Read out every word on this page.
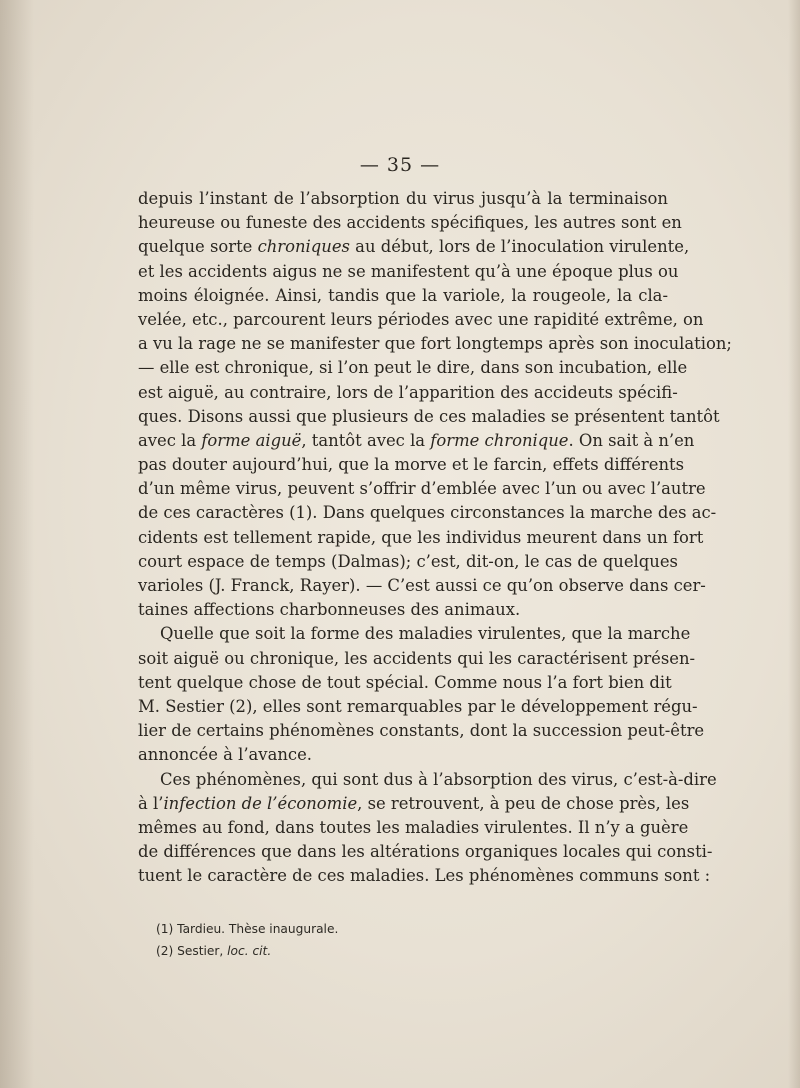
— 35 —
depuis l’instant de l’absorption du virus jusqu’à la terminaison
heureuse ou funeste des accidents spécifiques, les autres sont en
quelque sorte chroniques au début, lors de l’inoculation virulente,
et les accidents aigus ne se manifestent qu’à une époque plus ou
moins éloignée. Ainsi, tandis que la variole, la rougeole, la cla-
velée, etc., parcourent leurs périodes avec une rapidité extrême, on
a vu la rage ne se manifester que fort longtemps après son inoculation;
— elle est chronique, si l’on peut le dire, dans son incubation, elle
est aiguë, au contraire, lors de l’apparition des accideuts spécifi-
ques. Disons aussi que plusieurs de ces maladies se présentent tantôt
avec la forme aiguë, tantôt avec la forme chronique. On sait à n’en
pas douter aujourd’hui, que la morve et le farcin, effets différents
d’un même virus, peuvent s’offrir d’emblée avec l’un ou avec l’autre
de ces caractères (1). Dans quelques circonstances la marche des ac-
cidents est tellement rapide, que les individus meurent dans un fort
court espace de temps (Dalmas); c’est, dit-on, le cas de quelques
varioles (J. Franck, Rayer). — C’est aussi ce qu’on observe dans cer-
taines affections charbonneuses des animaux.
Quelle que soit la forme des maladies virulentes, que la marche
soit aiguë ou chronique, les accidents qui les caractérisent présen-
tent quelque chose de tout spécial. Comme nous l’a fort bien dit
M. Sestier (2), elles sont remarquables par le développement régu-
lier de certains phénomènes constants, dont la succession peut-être
annoncée à l’avance.
Ces phénomènes, qui sont dus à l’absorption des virus, c’est-à-dire
à l’infection de l’économie, se retrouvent, à peu de chose près, les
mêmes au fond, dans toutes les maladies virulentes. Il n’y a guère
de différences que dans les altérations organiques locales qui consti-
tuent le caractère de ces maladies. Les phénomènes communs sont :
(1) Tardieu. Thèse inaugurale.
(2) Sestier, loc. cit.
